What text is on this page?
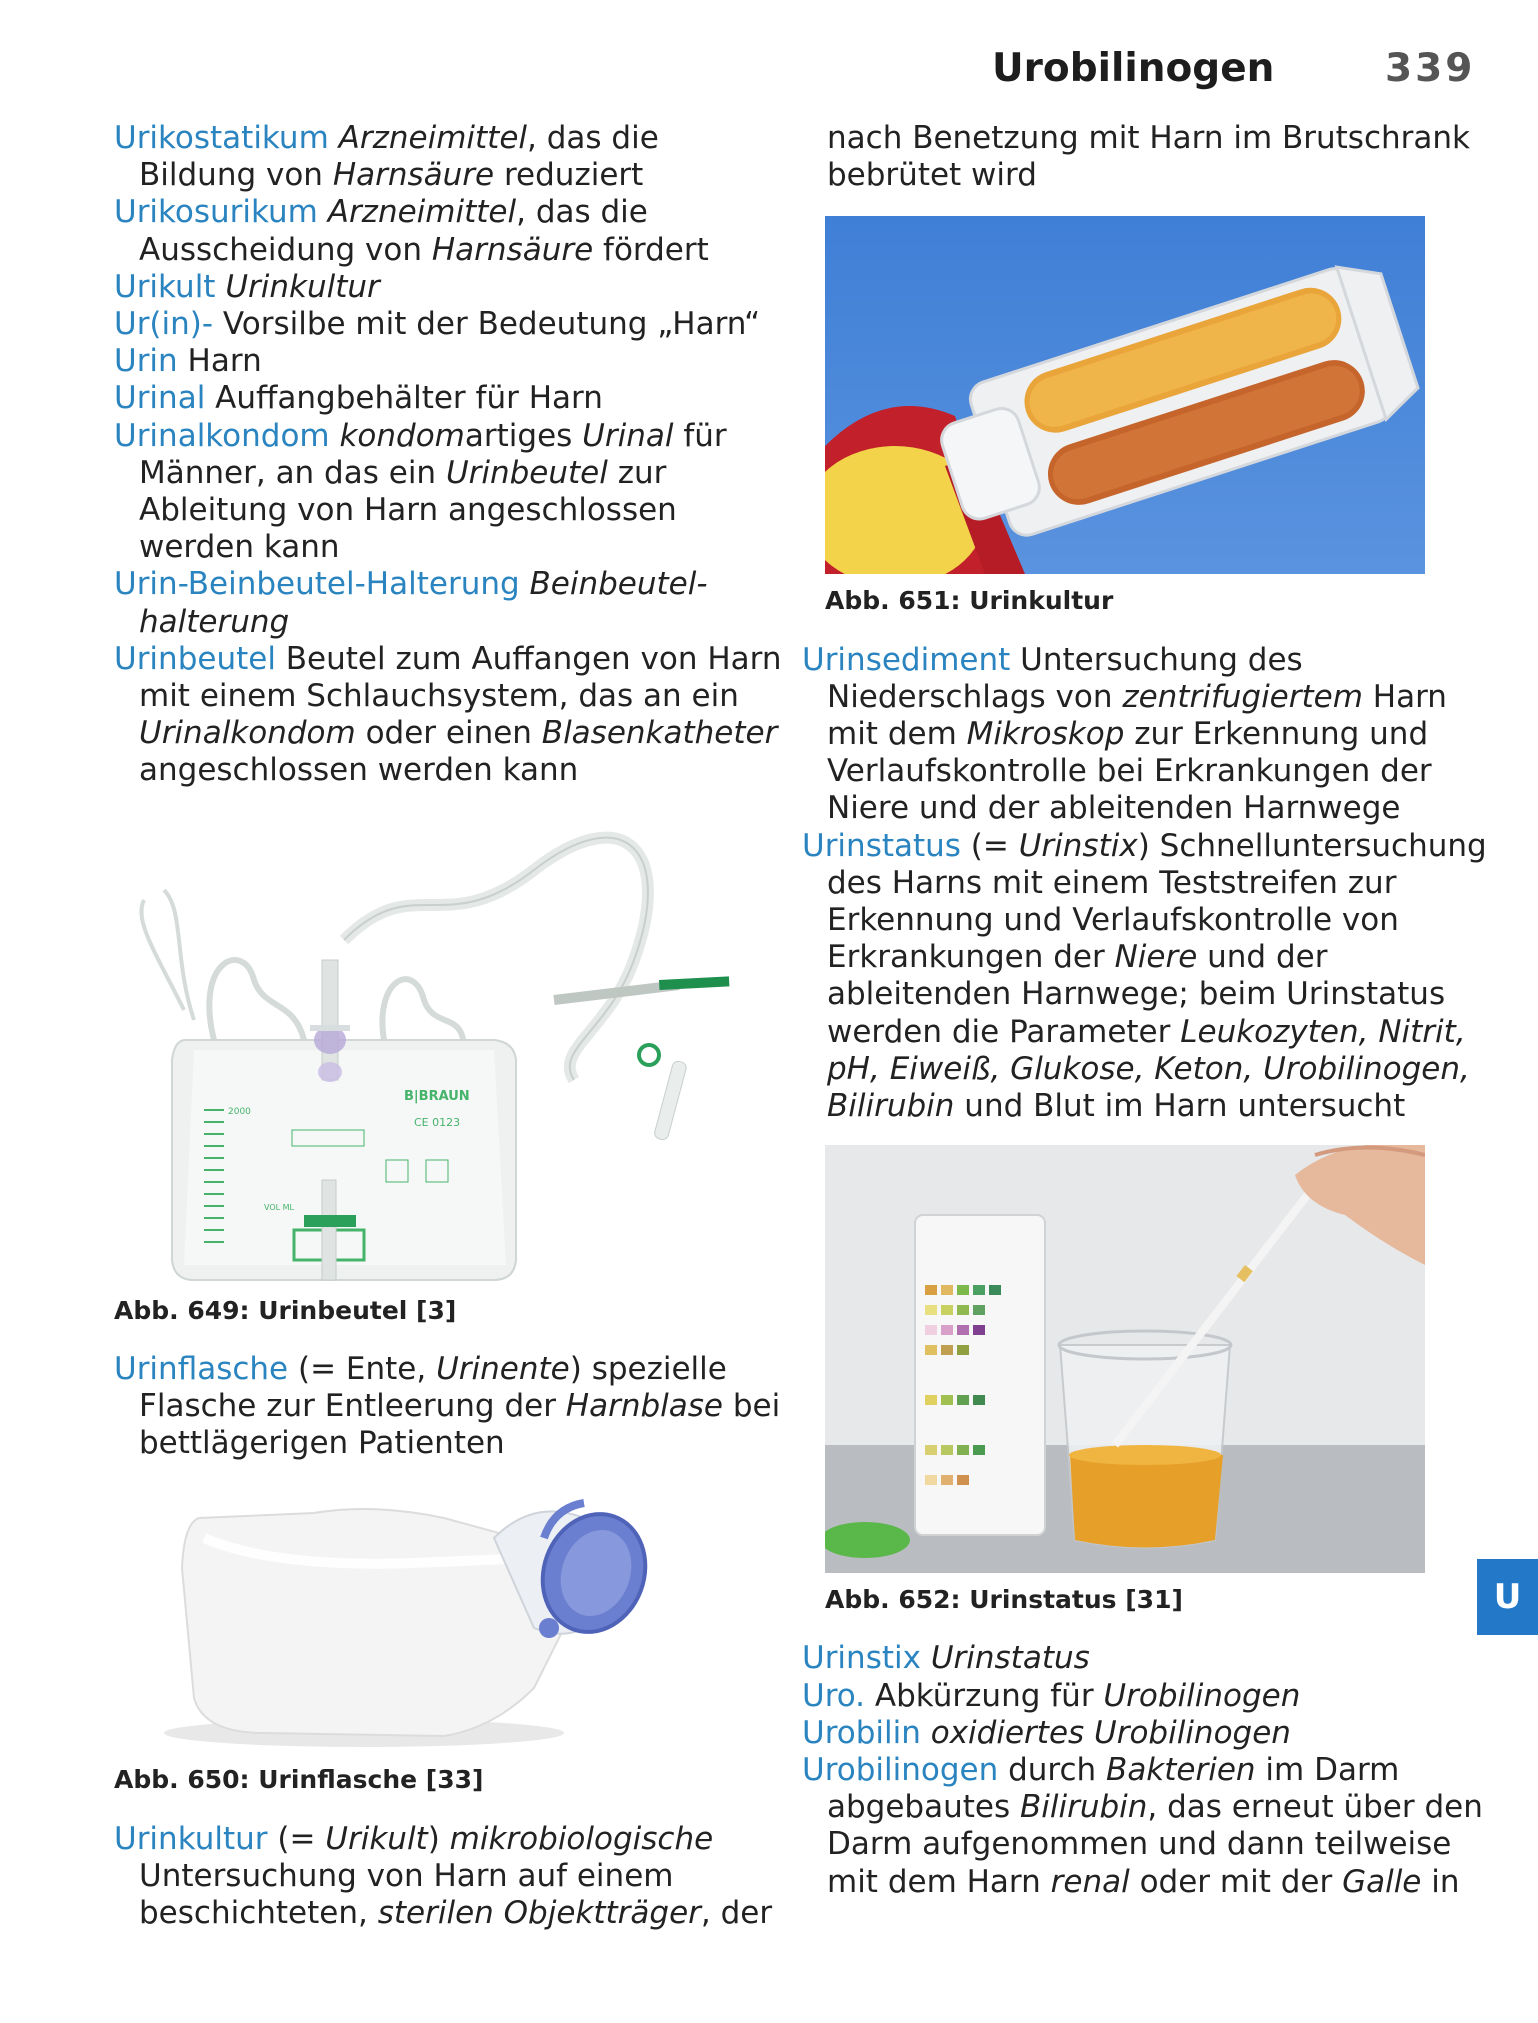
Urobilinogen	339
U

Urikostatikum Arzneimittel, das die Bildung von Harnsäure reduziert

Urikosurikum Arzneimittel, das die Ausscheidung von Harnsäure fördert

Urikult Urinkultur

Ur(in)- Vorsilbe mit der Bedeutung „Harn“

Urin Harn

Urinal Auffangbehälter für Harn

Urinalkondom kondomartiges Urinal für Männer, an das ein Urinbeutel zur Ableitung von Harn angeschlossen werden kann

Urin-Beinbeutel-Halterung Beinbeutel-halterung

Urinbeutel Beutel zum Auffangen von Harn mit einem Schlauchsystem, das an ein Urinalkondom oder einen Blasenkatheter angeschlossen werden kann

2000
VOL ML
B|BRAUN
CE 0123

Abb. 649: Urinbeutel [3]

Urinflasche (= Ente, Urinente) spezielle Flasche zur Entleerung der Harnblase bei bettlägerigen Patienten

Abb. 650: Urinflasche [33]

Urinkultur (= Urikult) mikrobiologische Untersuchung von Harn auf einem beschichteten, sterilen Objektträger, der

nach Benetzung mit Harn im Brutschrank bebrütet wird

Abb. 651: Urinkultur

Urinsediment Untersuchung des Niederschlags von zentrifugiertem Harn mit dem Mikroskop zur Erkennung und Verlaufskontrolle bei Erkrankungen der Niere und der ableitenden Harnwege

Urinstatus (= Urinstix) Schnelluntersuchung des Harns mit einem Teststreifen zur Erkennung und Verlaufskontrolle von Erkrankungen der Niere und der ableitenden Harnwege; beim Urinstatus werden die Parameter Leukozyten, Nitrit, pH, Eiweiß, Glukose, Keton, Urobilinogen, Bilirubin und Blut im Harn untersucht

Abb. 652: Urinstatus [31]

Urinstix Urinstatus

Uro. Abkürzung für Urobilinogen

Urobilin oxidiertes Urobilinogen

Urobilinogen durch Bakterien im Darm abgebautes Bilirubin, das erneut über den Darm aufgenommen und dann teilweise mit dem Harn renal oder mit der Galle in
